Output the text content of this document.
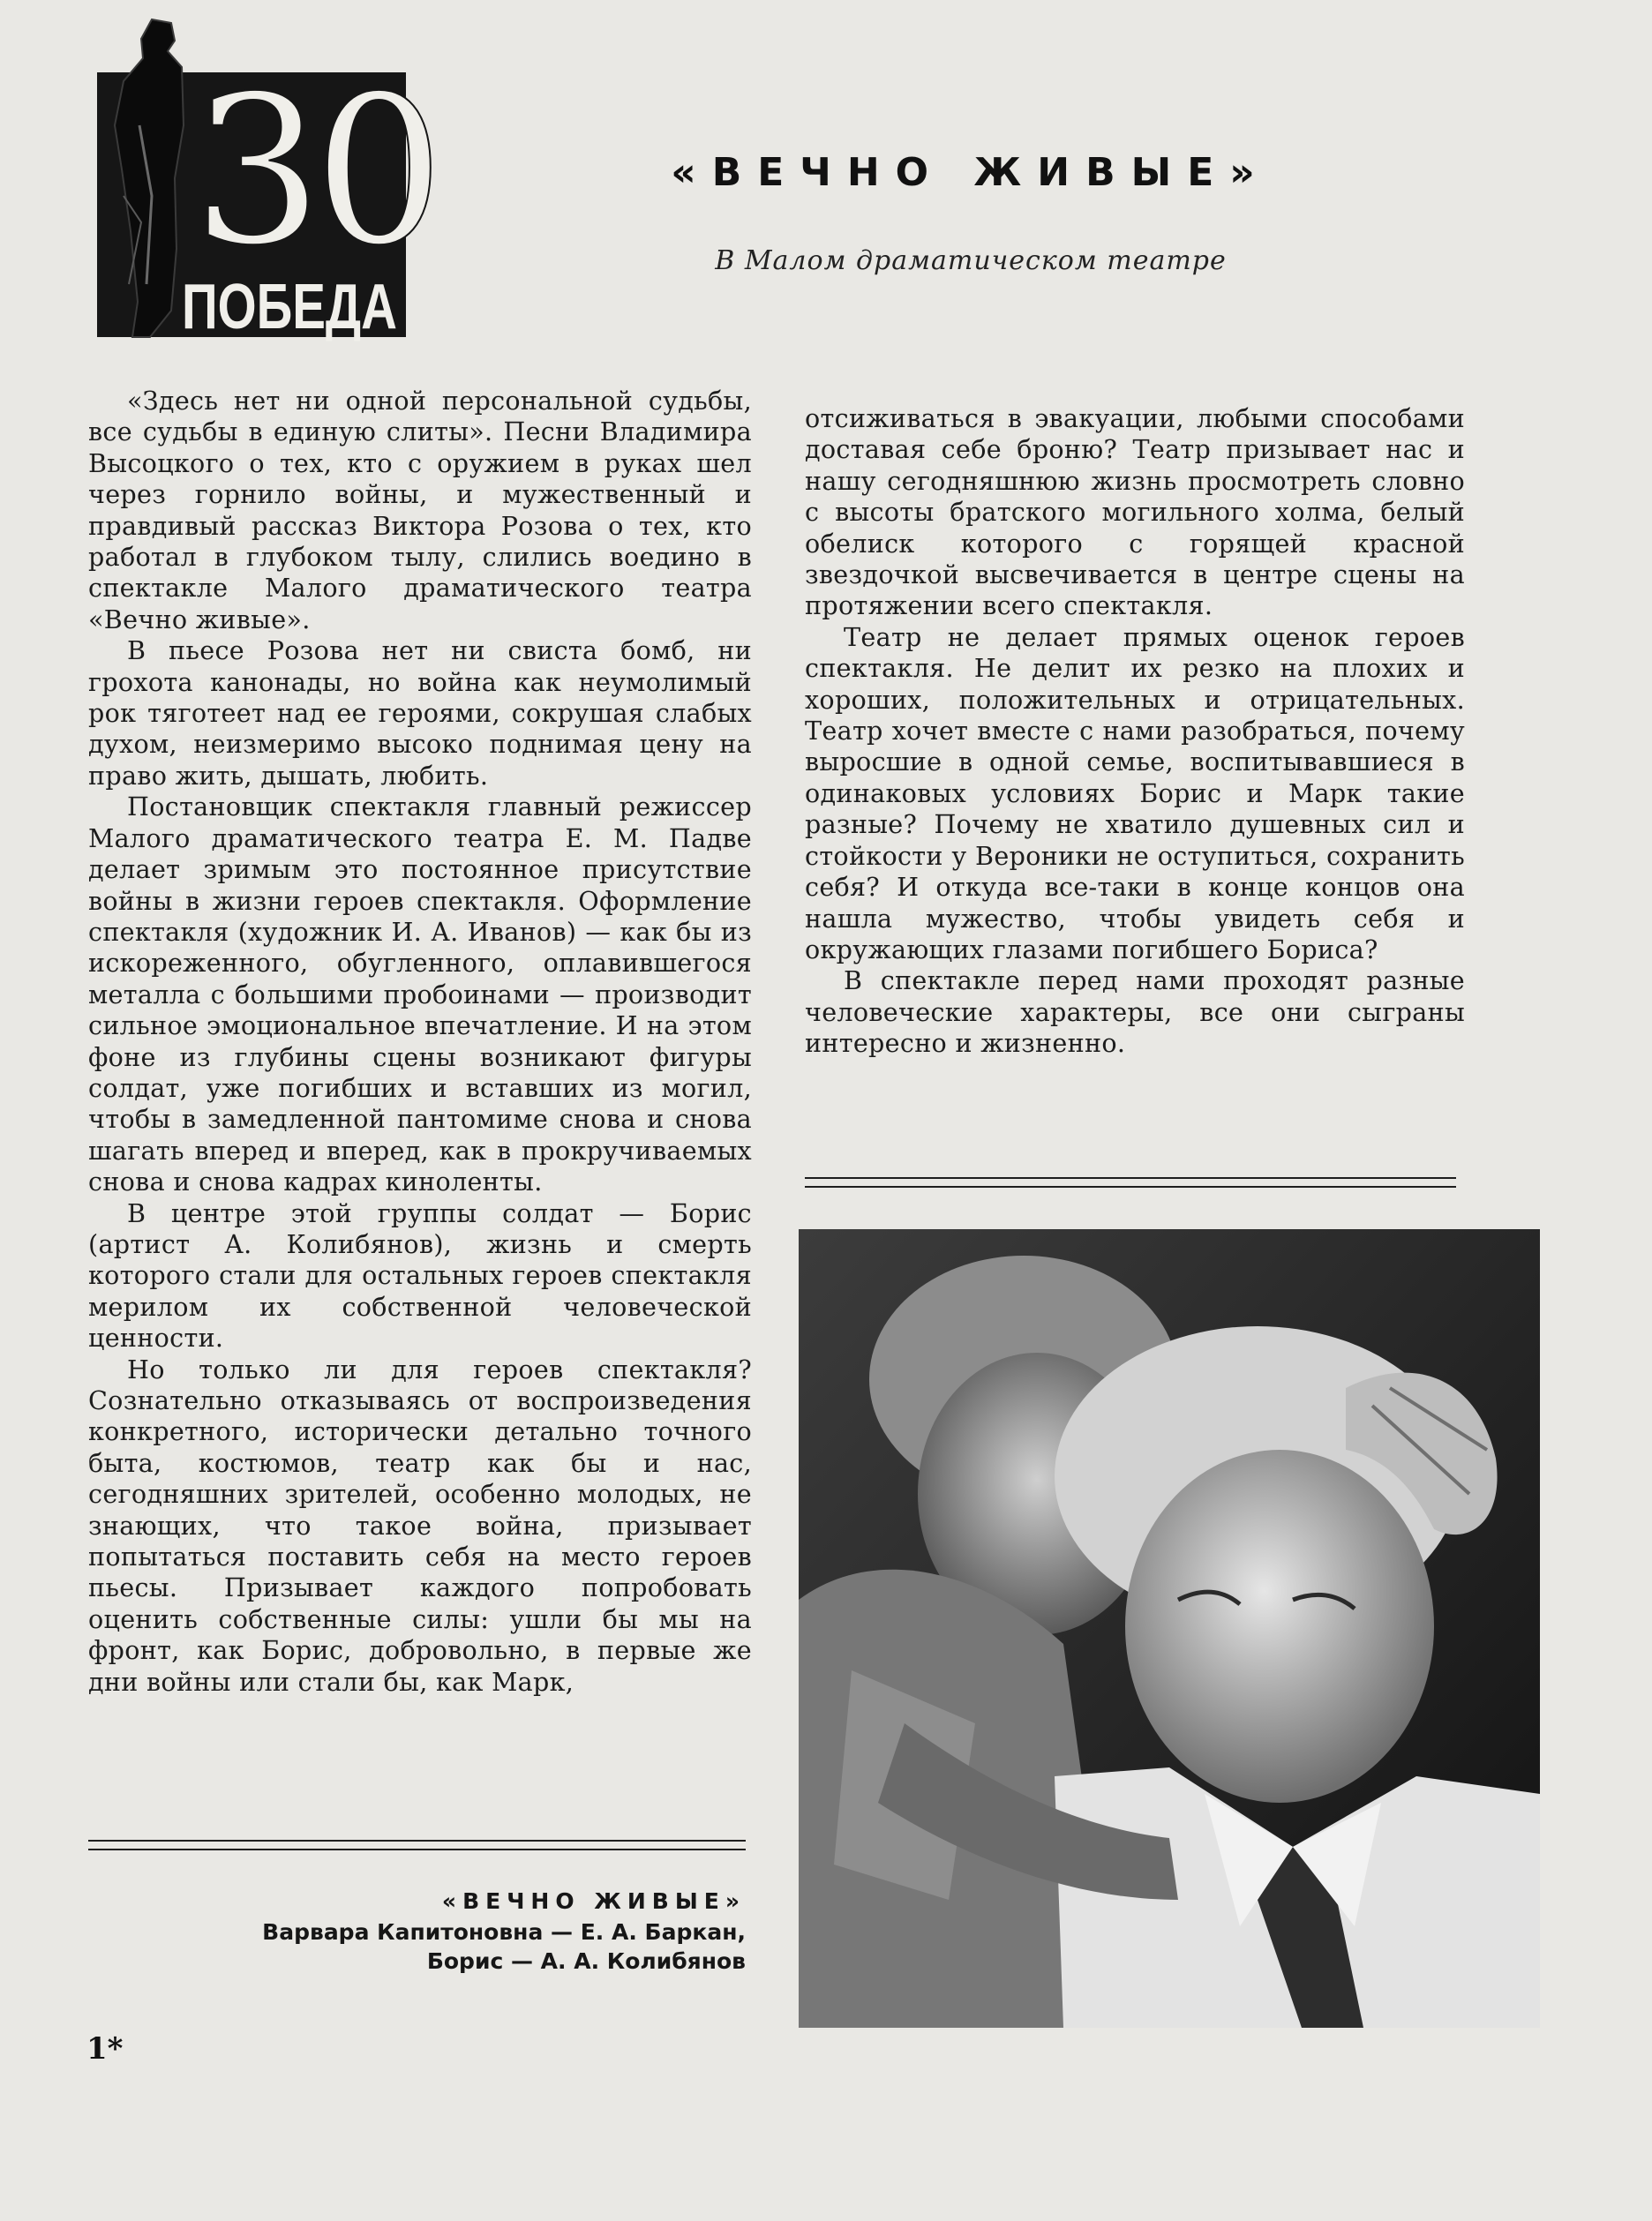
30
ПОБЕДА
«ВЕЧНО ЖИВЫЕ»
В Малом драматическом театре

«Здесь нет ни одной персональной судьбы, все судьбы в единую слиты». Песни Владимира Высоцкого о тех, кто с оружием в руках шел через горнило войны, и мужественный и правдивый рассказ Виктора Розова о тех, кто работал в глубоком тылу, слились воедино в спектакле Малого драматического театра «Вечно живые».

В пьесе Розова нет ни свиста бомб, ни грохота канонады, но война как неумолимый рок тяготеет над ее героями, сокрушая слабых духом, неизмеримо высоко поднимая цену на право жить, дышать, любить.

Постановщик спектакля главный режиссер Малого драматического театра Е. М. Падве делает зримым это постоянное присутствие войны в жизни героев спектакля. Оформление спектакля (художник И. А. Иванов) — как бы из искореженного, обугленного, оплавившегося металла с большими пробоинами — производит сильное эмоциональное впечатление. И на этом фоне из глубины сцены возникают фигуры солдат, уже погибших и вставших из могил, чтобы в замедленной пантомиме снова и снова шагать вперед и вперед, как в прокручиваемых снова и снова кадрах киноленты.

В центре этой группы солдат — Борис (артист А. Колибянов), жизнь и смерть которого стали для остальных героев спектакля мерилом их собственной человеческой ценности.

Но только ли для героев спектакля? Сознательно отказываясь от воспроизведения конкретного, исторически детально точного быта, костюмов, театр как бы и нас, сегодняшних зрителей, особенно молодых, не знающих, что такое война, призывает попытаться поставить себя на место героев пьесы. Призывает каждого попробовать оценить собственные силы: ушли бы мы на фронт, как Борис, добровольно, в первые же дни войны или стали бы, как Марк,

отсиживаться в эвакуации, любыми способами доставая себе броню? Театр призывает нас и нашу сегодняшнюю жизнь просмотреть словно с высоты братского могильного холма, белый обелиск которого с горящей красной звездочкой высвечивается в центре сцены на протяжении всего спектакля.

Театр не делает прямых оценок героев спектакля. Не делит их резко на плохих и хороших, положительных и отрицательных. Театр хочет вместе с нами разобраться, почему выросшие в одной семье, воспитывавшиеся в одинаковых условиях Борис и Марк такие разные? Почему не хватило душевных сил и стойкости у Вероники не оступиться, сохранить себя? И откуда все-таки в конце концов она нашла мужество, чтобы увидеть себя и окружающих глазами погибшего Бориса?

В спектакле перед нами проходят разные человеческие характеры, все они сыграны интересно и жизненно.

«ВЕЧНО ЖИВЫЕ»
Варвара Капитоновна — Е. А. Баркан,
Борис — А. А. Колибянов
1*
